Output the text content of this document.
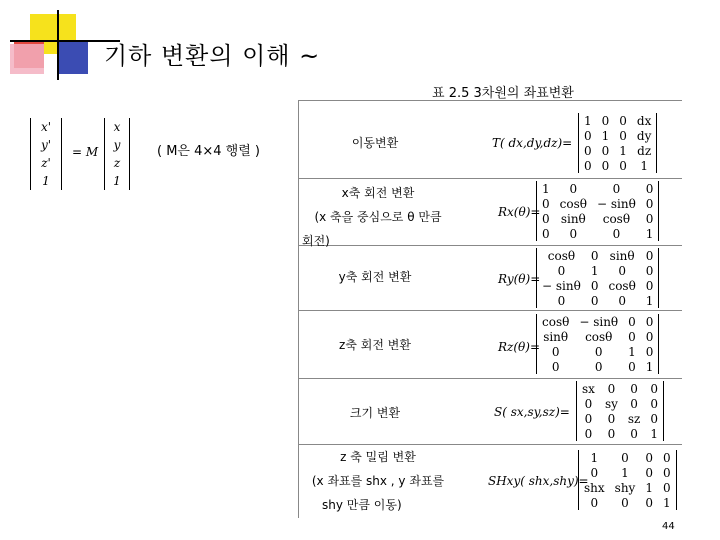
기하 변환의 이해 ~
표 2.5 3차원의 좌표변환
x'
y'
z'
1
= M
x
y
z
1
( M은 4×4 행렬 )
이동변환	T( dx,dy,dz)=
1	0	0	dx
0	1	0	dy
0	0	1	dz
0	0	0	1
x축 회전 변환
(x 축을 중심으로 θ 만큼
회전)
Rx(θ)=
1	0	0	0
0	cosθ	− sinθ	0
0	sinθ	cosθ	0
0	0	0	1
y축 회전 변환	Ry(θ)=
cosθ	0	sinθ	0
0	1	0	0
− sinθ	0	cosθ	0
0	0	0	1
z축 회전 변환	Rz(θ)=
cosθ	− sinθ	0	0
sinθ	cosθ	0	0
0	0	1	0
0	0	0	1
크기 변환	S( sx,sy,sz)=
sx	0	0	0
0	sy	0	0
0	0	sz	0
0	0	0	1
z 축 밀림 변환
(x 좌표를 shx , y 좌표를
shy 만큼 이동)
SHxy( shx,shy)=
1	0	0	0
0	1	0	0
shx	shy	1	0
0	0	0	1
44
